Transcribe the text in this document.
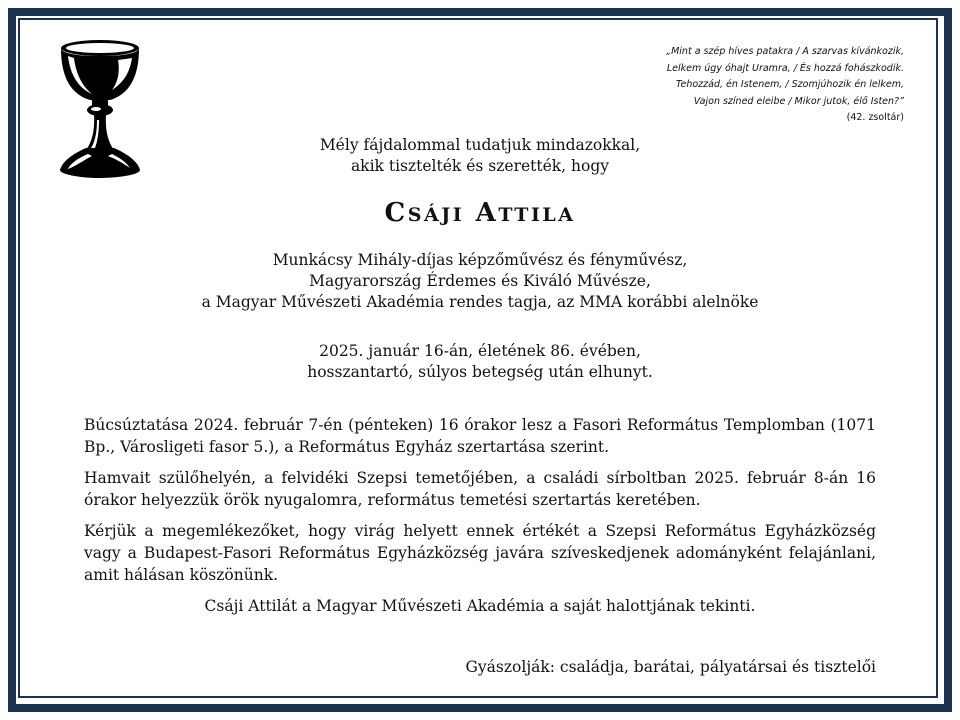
„Mint a szép híves patakra / A szarvas kívánkozik,
Lelkem úgy óhajt Uramra, / És hozzá fohászkodik.
Tehozzád, én Istenem, / Szomjúhozik én lelkem,
Vajon színed eleibe / Mikor jutok, élő Isten?”
(42. zsoltár)
Mély fájdalommal tudatjuk mindazokkal,
akik tisztelték és szerették, hogy
CSÁJI ATTILA
Munkácsy Mihály-díjas képzőművész és fényművész,
Magyarország Érdemes és Kiváló Művésze,
a Magyar Művészeti Akadémia rendes tagja, az MMA korábbi alelnöke
2025. január 16-án, életének 86. évében,
hosszantartó, súlyos betegség után elhunyt.
Búcsúztatása 2024. február 7-én (pénteken) 16 órakor lesz a Fasori Református Templomban (1071 Bp., Városligeti fasor 5.), a Református Egyház szertartása szerint.
Hamvait szülőhelyén, a felvidéki Szepsi temetőjében, a családi sírboltban 2025. február 8-án 16 órakor helyezzük örök nyugalomra, református temetési szertartás keretében.
Kérjük a megemlékezőket, hogy virág helyett ennek értékét a Szepsi Református Egyházközség vagy a Budapest-Fasori Református Egyházközség javára szíveskedjenek adományként felajánlani, amit hálásan köszönünk.
Csáji Attilát a Magyar Művészeti Akadémia a saját halottjának tekinti.
Gyászolják: családja, barátai, pályatársai és tisztelői
